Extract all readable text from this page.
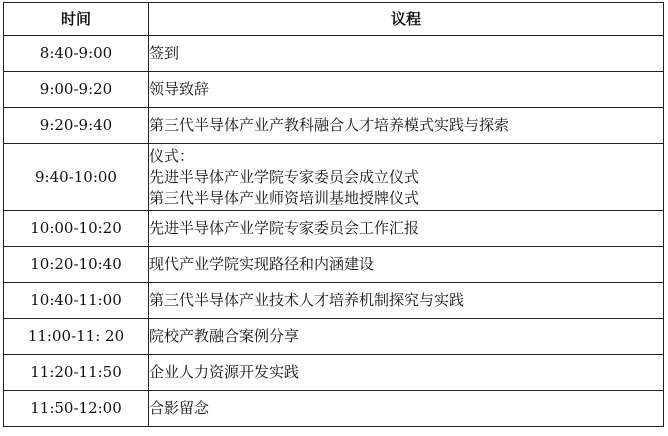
时间	议程
8:40-9:00	签到

9:00-9:20	领导致辞

9:20-9:40	第三代半导体产业产教科融合人才培养模式实践与探索

9:40-10:00	仪式：
先进半导体产业学院专家委员会成立仪式
第三代半导体产业师资培训基地授牌仪式

10:00-10:20	先进半导体产业学院专家委员会工作汇报

10:20-10:40	现代产业学院实现路径和内涵建设

10:40-11:00	第三代半导体产业技术人才培养机制探究与实践

11:00-11: 20	院校产教融合案例分享

11:20-11:50	企业人力资源开发实践

11:50-12:00	合影留念
